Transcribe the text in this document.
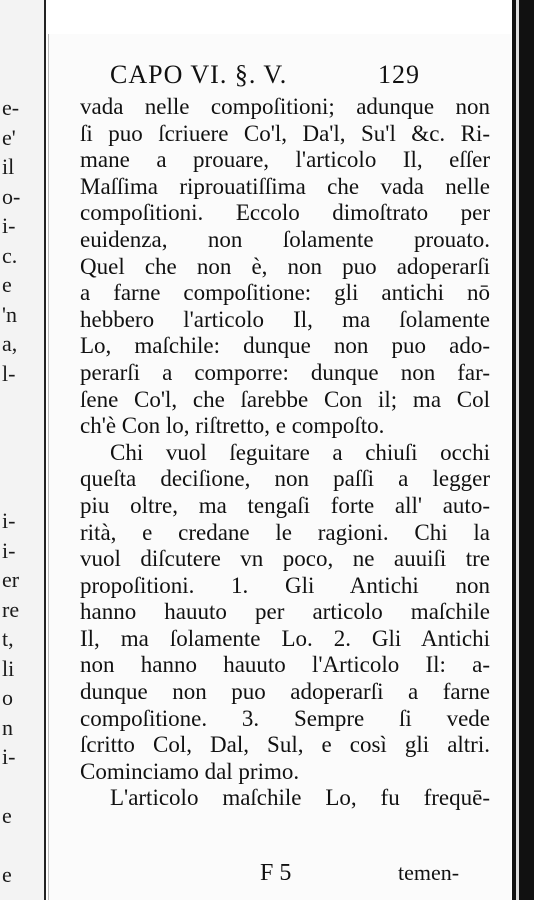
e-
e'
il
o-
i-
c.
e
'n
a,
l-
i-
i-
er
re
t,
li
o
n
i-
e
e
CAPO VI. §. V.	129
vada nelle compoſitioni; adunque non
ſi puo ſcriuere Co'l, Da'l, Su'l &c. Ri-
mane a prouare, l'articolo Il, eſſer
Maſſima riprouatiſſima che vada nelle
compoſitioni. Eccolo dimoſtrato per
euidenza, non ſolamente prouato.
Quel che non è, non puo adoperarſi
a farne compoſitione: gli antichi nō
hebbero l'articolo Il, ma ſolamente
Lo, maſchile: dunque non puo ado-
perarſi a comporre: dunque non far-
ſene Co'l, che ſarebbe Con il; ma Col
ch'è Con lo, riſtretto, e compoſto.
Chi vuol ſeguitare a chiuſi occhi
queſta deciſione, non paſſi a legger
piu oltre, ma tengaſi forte all' auto-
rità, e credane le ragioni. Chi la
vuol diſcutere vn poco, ne auuiſi tre
propoſitioni. 1. Gli Antichi non
hanno hauuto per articolo maſchile
Il, ma ſolamente Lo. 2. Gli Antichi
non hanno hauuto l'Articolo Il: a-
dunque non puo adoperarſi a farne
compoſitione. 3. Sempre ſi vede
ſcritto Col, Dal, Sul, e così gli altri.
Cominciamo dal primo.
L'articolo maſchile Lo, fu frequē-
F 5	temen-
